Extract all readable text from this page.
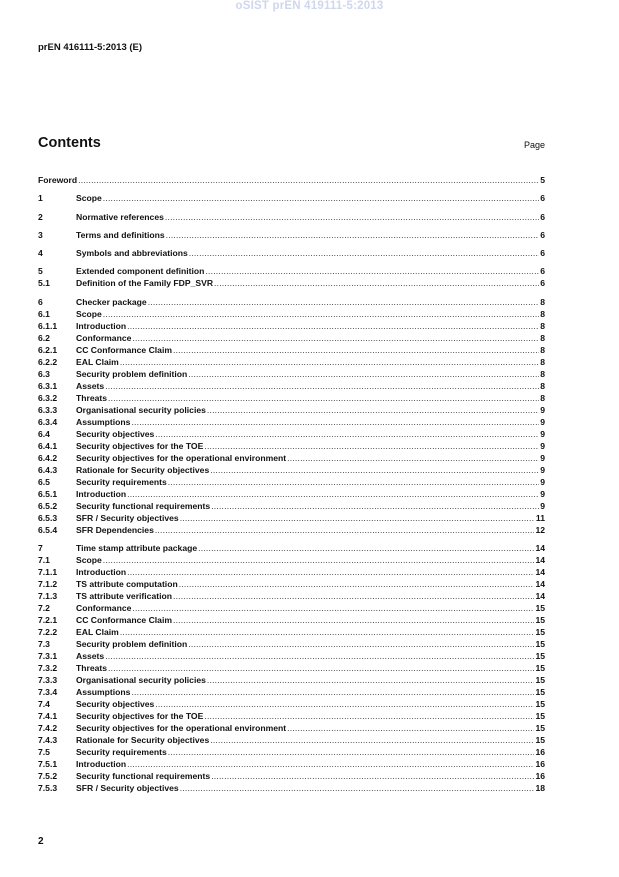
oSIST prEN 419111-5:2013
prEN 416111-5:2013 (E)
Contents	Page
Foreword .....	5
1	Scope .....	6
2	Normative references .....	6
3	Terms and definitions .....	6
4	Symbols and abbreviations .....	6
5	Extended component definition .....	6
5.1	Definition of the Family FDP_SVR .....	6
6	Checker package .....	8
6.1	Scope .....	8
6.1.1	Introduction .....	8
6.2	Conformance .....	8
6.2.1	CC Conformance Claim .....	8
6.2.2	EAL Claim .....	8
6.3	Security problem definition .....	8
6.3.1	Assets .....	8
6.3.2	Threats .....	8
6.3.3	Organisational security policies .....	9
6.3.4	Assumptions .....	9
6.4	Security objectives .....	9
6.4.1	Security objectives for the TOE .....	9
6.4.2	Security objectives for the operational environment .....	9
6.4.3	Rationale for Security objectives .....	9
6.5	Security requirements .....	9
6.5.1	Introduction .....	9
6.5.2	Security functional requirements .....	9
6.5.3	SFR / Security objectives .....	11
6.5.4	SFR Dependencies .....	12
7	Time stamp attribute package .....	14
7.1	Scope .....	14
7.1.1	Introduction .....	14
7.1.2	TS attribute computation .....	14
7.1.3	TS attribute verification .....	14
7.2	Conformance .....	15
7.2.1	CC Conformance Claim .....	15
7.2.2	EAL Claim .....	15
7.3	Security problem definition .....	15
7.3.1	Assets .....	15
7.3.2	Threats .....	15
7.3.3	Organisational security policies .....	15
7.3.4	Assumptions .....	15
7.4	Security objectives .....	15
7.4.1	Security objectives for the TOE .....	15
7.4.2	Security objectives for the operational environment .....	15
7.4.3	Rationale for Security objectives .....	15
7.5	Security requirements .....	16
7.5.1	Introduction .....	16
7.5.2	Security functional requirements .....	16
7.5.3	SFR / Security objectives .....	18
2
